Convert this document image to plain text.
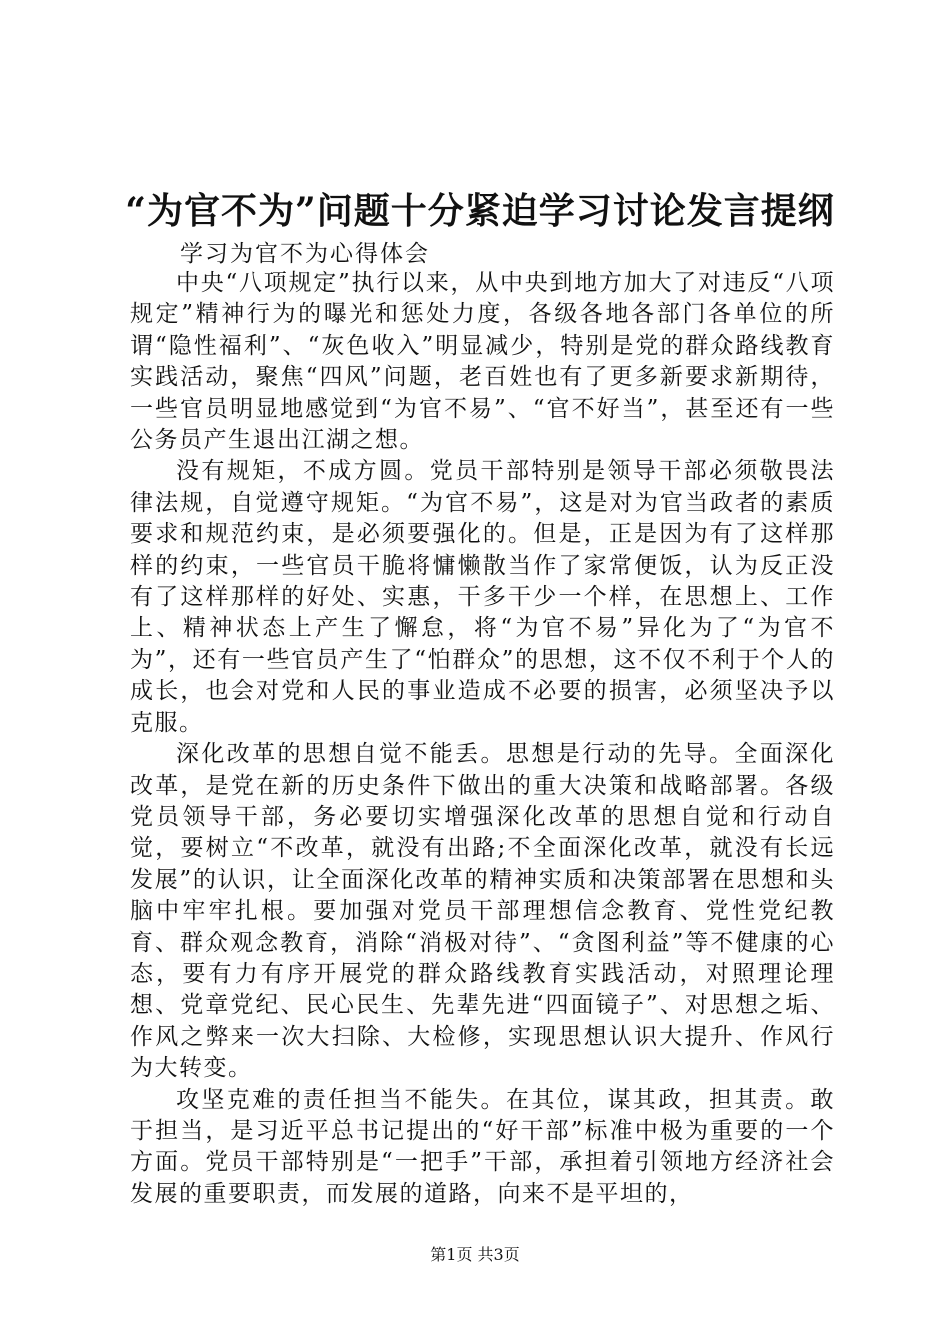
“为官不为”问题十分紧迫学习讨论发言提纲
学习为官不为心得体会

中央“八项规定”执行以来，从中央到地方加大了对违反“八项规定”精神行为的曝光和惩处力度，各级各地各部门各单位的所谓“隐性福利”、“灰色收入”明显减少，特别是党的群众路线教育实践活动，聚焦“四风”问题，老百姓也有了更多新要求新期待，一些官员明显地感觉到“为官不易”、“官不好当”，甚至还有一些公务员产生退出江湖之想。

没有规矩，不成方圆。党员干部特别是领导干部必须敬畏法律法规，自觉遵守规矩。“为官不易”，这是对为官当政者的素质要求和规范约束，是必须要强化的。但是，正是因为有了这样那样的约束，一些官员干脆将慵懒散当作了家常便饭，认为反正没有了这样那样的好处、实惠，干多干少一个样，在思想上、工作上、精神状态上产生了懈怠，将“为官不易”异化为了“为官不为”，还有一些官员产生了“怕群众”的思想，这不仅不利于个人的成长，也会对党和人民的事业造成不必要的损害，必须坚决予以克服。

深化改革的思想自觉不能丢。思想是行动的先导。全面深化改革，是党在新的历史条件下做出的重大决策和战略部署。各级党员领导干部，务必要切实增强深化改革的思想自觉和行动自觉，要树立“不改革，就没有出路;不全面深化改革，就没有长远发展”的认识，让全面深化改革的精神实质和决策部署在思想和头脑中牢牢扎根。要加强对党员干部理想信念教育、党性党纪教育、群众观念教育，消除“消极对待”、“贪图利益”等不健康的心态，要有力有序开展党的群众路线教育实践活动，对照理论理想、党章党纪、民心民生、先辈先进“四面镜子”、对思想之垢、作风之弊来一次大扫除、大检修，实现思想认识大提升、作风行为大转变。

攻坚克难的责任担当不能失。在其位，谋其政，担其责。敢于担当，是习近平总书记提出的“好干部”标准中极为重要的一个方面。党员干部特别是“一把手”干部，承担着引领地方经济社会发展的重要职责，而发展的道路，向来不是平坦的，

第1页 共3页
